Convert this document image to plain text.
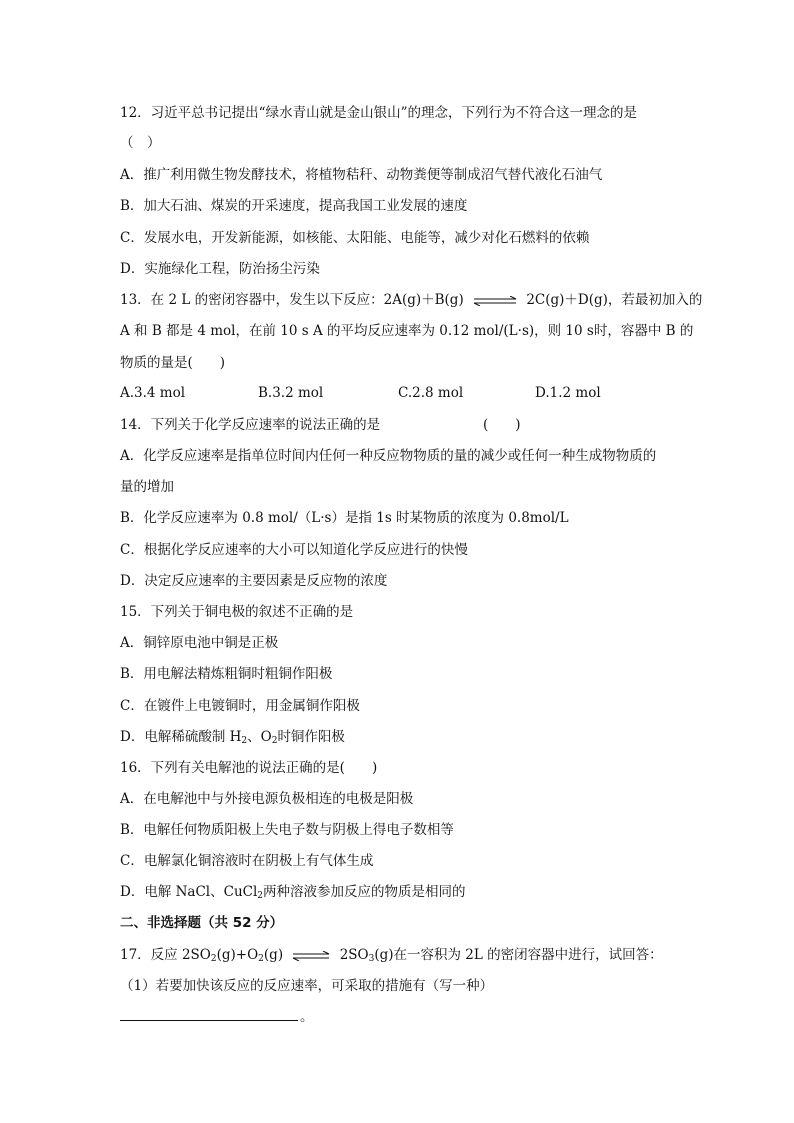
12．习近平总书记提出“绿水青山就是金山银山”的理念，下列行为不符合这一理念的是
（　）
A．推广利用微生物发酵技术，将植物秸秆、动物粪便等制成沼气替代液化石油气
B．加大石油、煤炭的开采速度，提高我国工业发展的速度
C．发展水电，开发新能源，如核能、太阳能、电能等，减少对化石燃料的依赖
D．实施绿化工程，防治扬尘污染
13．在 2 L 的密闭容器中，发生以下反应：2A(g)＋B(g) ⇌ 2C(g)＋D(g)，若最初加入的
A 和 B 都是 4 mol，在前 10 s A 的平均反应速率为 0.12 mol/(L·s)，则 10 s时，容器中 B 的
物质的量是(　　)
A.3.4 mol	B.3.2 mol	C.2.8 mol	D.1.2 mol
14．下列关于化学反应速率的说法正确的是	(　　)
A．化学反应速率是指单位时间内任何一种反应物物质的量的减少或任何一种生成物物质的
量的增加
B．化学反应速率为 0.8 mol/（L·s）是指 1s 时某物质的浓度为 0.8mol/L
C．根据化学反应速率的大小可以知道化学反应进行的快慢
D．决定反应速率的主要因素是反应物的浓度
15．下列关于铜电极的叙述不正确的是
A．铜锌原电池中铜是正极
B．用电解法精炼粗铜时粗铜作阳极
C．在镀件上电镀铜时，用金属铜作阳极
D．电解稀硫酸制 $H_2$、$O_2$时铜作阳极
16．下列有关电解池的说法正确的是(　　)
A．在电解池中与外接电源负极相连的电极是阳极
B．电解任何物质阳极上失电子数与阴极上得电子数相等
C．电解氯化铜溶液时在阴极上有气体生成
D．电解 NaCl、CuCl$_2$两种溶液参加反应的物质是相同的
二、非选择题（共 52 分）
17．反应 $2SO_2(g)+O_2(g)$ ⇌ $2SO_3(g)$在一容积为 2L 的密闭容器中进行，试回答：
（1）若要加快该反应的反应速率，可采取的措施有（写一种）
。
